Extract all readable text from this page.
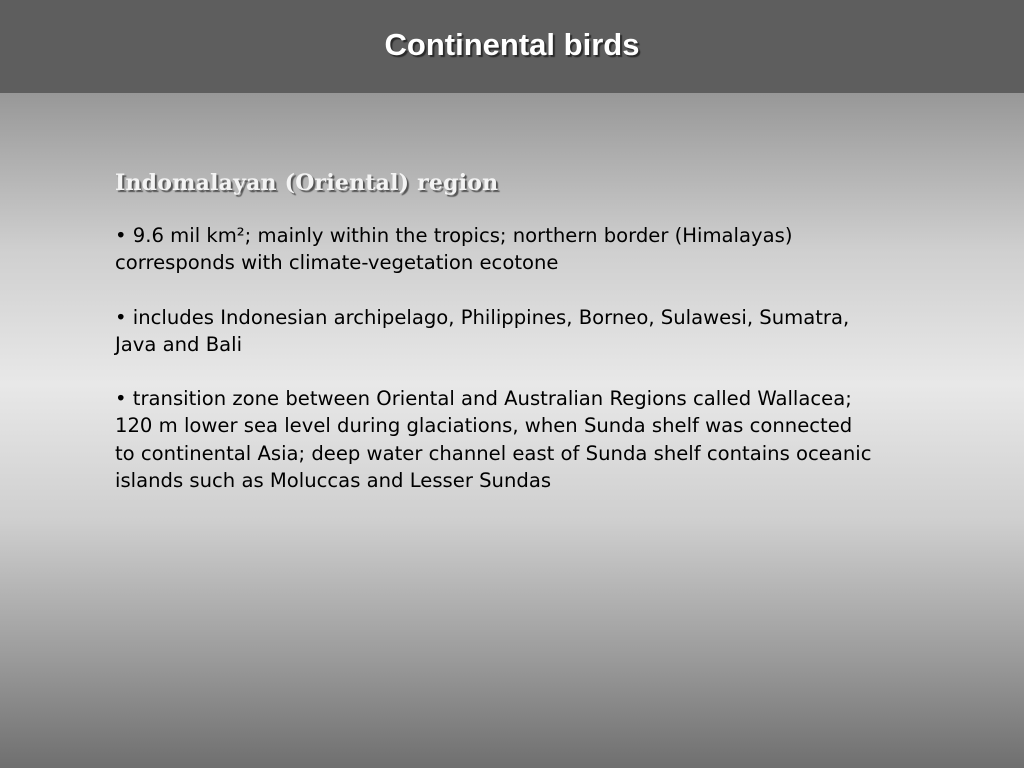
Continental birds
Indomalayan (Oriental) region

• 9.6 mil km²; mainly within the tropics; northern border (Himalayas) corresponds with climate-vegetation ecotone

• includes Indonesian archipelago, Philippines, Borneo, Sulawesi, Sumatra, Java and Bali

• transition zone between Oriental and Australian Regions called Wallacea; 120 m lower sea level during glaciations, when Sunda shelf was connected to continental Asia; deep water channel east of Sunda shelf contains oceanic islands such as Moluccas and Lesser Sundas
